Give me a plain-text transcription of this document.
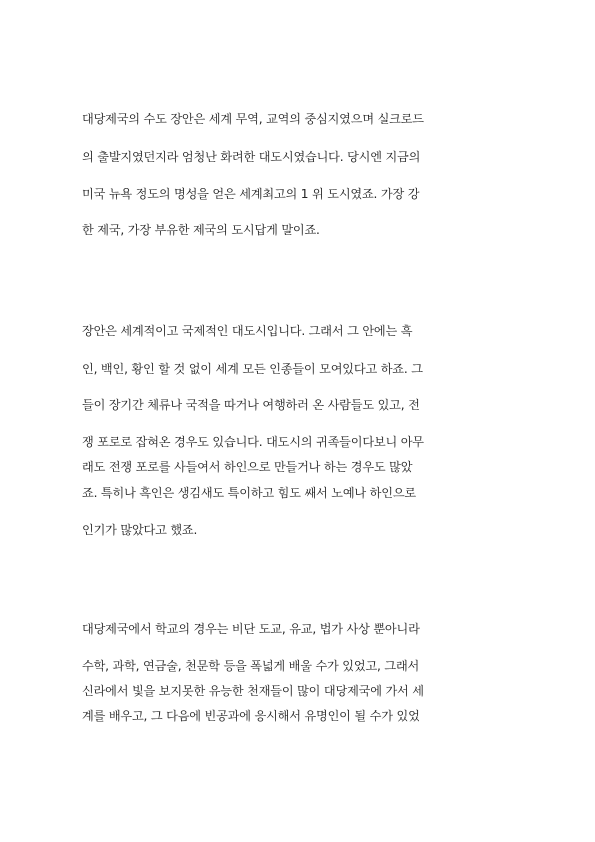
대당제국의 수도 장안은 세계 무역, 교역의 중심지였으며 실크로드
의 출발지였던지라 엄청난 화려한 대도시였습니다. 당시엔 지금의
미국 뉴욕 정도의 명성을 얻은 세계최고의 1 위 도시였죠. 가장 강
한 제국, 가장 부유한 제국의 도시답게 말이죠.
장안은 세계적이고 국제적인 대도시입니다. 그래서 그 안에는 흑
인, 백인, 황인 할 것 없이 세계 모든 인종들이 모여있다고 하죠. 그
들이 장기간 체류나 국적을 따거나 여행하러 온 사람들도 있고, 전
쟁 포로로 잡혀온 경우도 있습니다. 대도시의 귀족들이다보니 아무
래도 전쟁 포로를 사들여서 하인으로 만들거나 하는 경우도 많았
죠. 특히나 흑인은 생김새도 특이하고 힘도 쌔서 노예나 하인으로
인기가 많았다고 했죠.
대당제국에서 학교의 경우는 비단 도교, 유교, 법가 사상 뿐아니라
수학, 과학, 연금술, 천문학 등을 폭넓게 배울 수가 있었고, 그래서
신라에서 빛을 보지못한 유능한 천재들이 많이 대당제국에 가서 세
계를 배우고, 그 다음에 빈공과에 응시해서 유명인이 될 수가 있었
